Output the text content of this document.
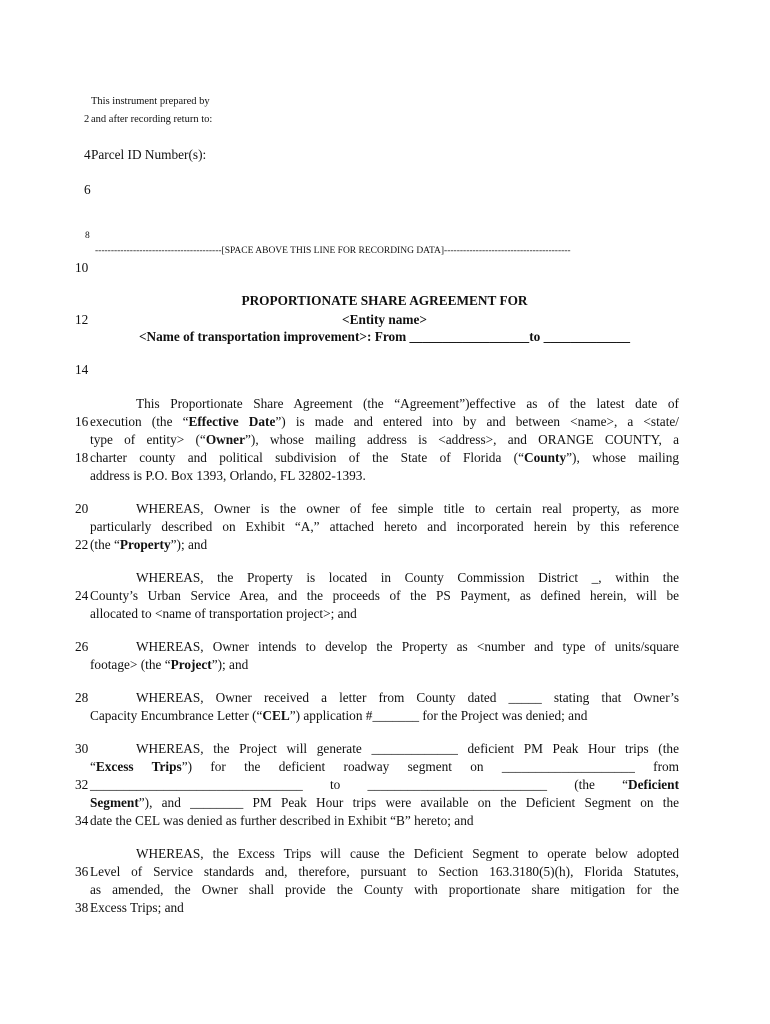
This instrument prepared by
2 and after recording return to:
4 Parcel ID Number(s):
6
8
----------------------------------------[SPACE ABOVE THIS LINE FOR RECORDING DATA]----------------------------------------
10
PROPORTIONATE SHARE AGREEMENT FOR
12	<Entity name>
<Name of transportation improvement>: From __________________to _____________
14
This Proportionate Share Agreement (the “Agreement”)effective as of the latest date of
16 execution (the “Effective Date”) is made and entered into by and between <name>, a <state/
type of entity> (“Owner”), whose mailing address is <address>, and ORANGE COUNTY, a
18 charter county and political subdivision of the State of Florida (“County”), whose mailing
address is P.O. Box 1393, Orlando, FL 32802-1393.
20	WHEREAS, Owner is the owner of fee simple title to certain real property, as more
particularly described on Exhibit “A,” attached hereto and incorporated herein by this reference
22 (the “Property”); and
WHEREAS, the Property is located in County Commission District _, within the
24 County’s Urban Service Area, and the proceeds of the PS Payment, as defined herein, will be
allocated to <name of transportation project>; and
26	WHEREAS, Owner intends to develop the Property as <number and type of units/square
footage> (the “Project”); and
28	WHEREAS, Owner received a letter from County dated _____ stating that Owner’s
Capacity Encumbrance Letter (“CEL”) application #_______ for the Project was denied; and
30	WHEREAS, the Project will generate _____________ deficient PM Peak Hour trips (the
“Excess Trips”) for the deficient roadway segment on ____________________ from
32 ________________________________ to ___________________________ (the “Deficient
Segment”), and ________ PM Peak Hour trips were available on the Deficient Segment on the
34 date the CEL was denied as further described in Exhibit “B” hereto; and
WHEREAS, the Excess Trips will cause the Deficient Segment to operate below adopted
36 Level of Service standards and, therefore, pursuant to Section 163.3180(5)(h), Florida Statutes,
as amended, the Owner shall provide the County with proportionate share mitigation for the
38 Excess Trips; and
